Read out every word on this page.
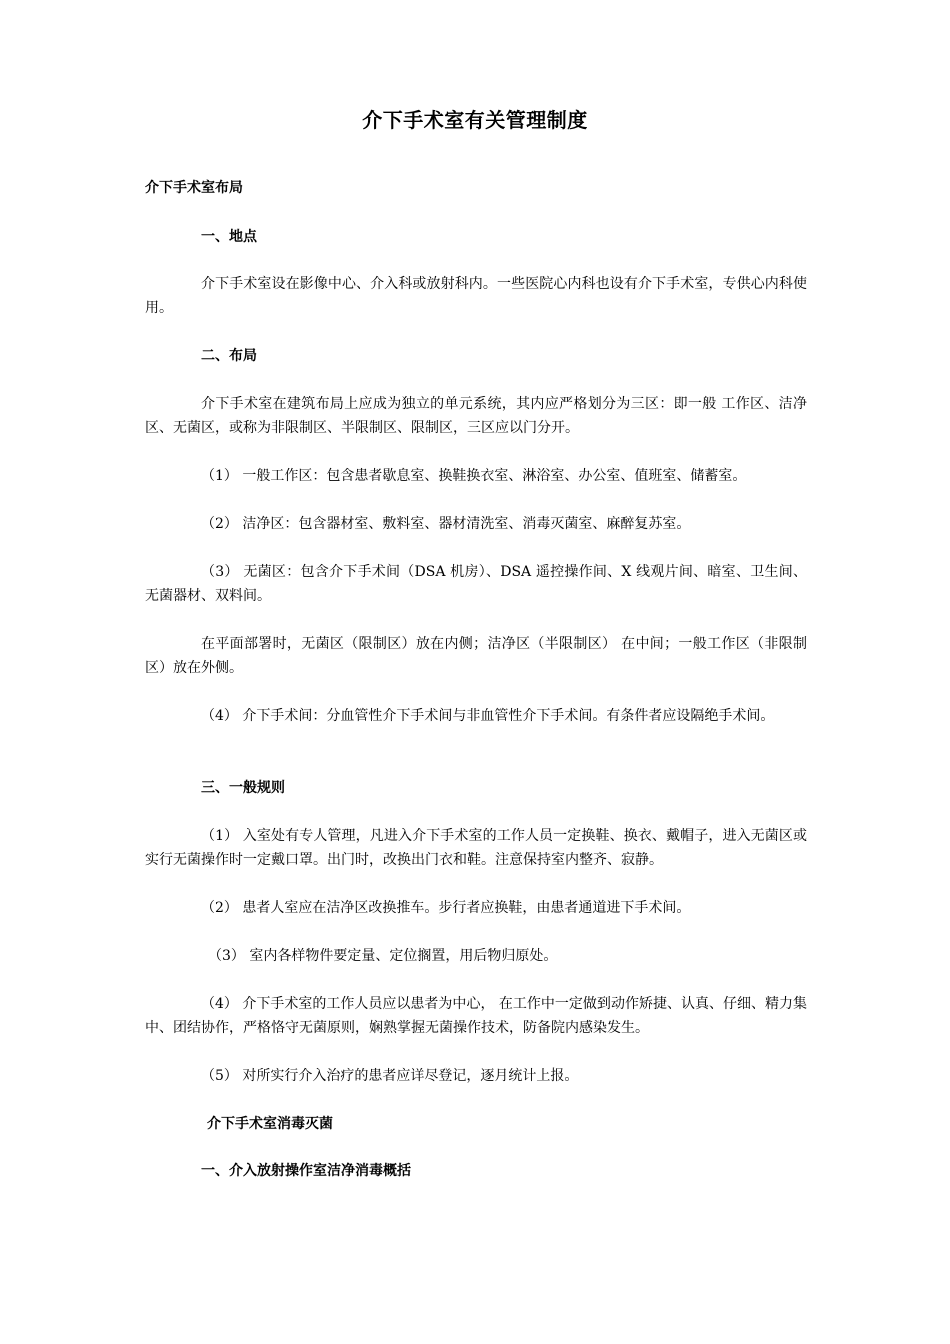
介下手术室有关管理制度
介下手术室布局
一、地点
介下手术室设在影像中心、介入科或放射科内。一些医院心内科也设有介下手术室，专供心内科使用。
二、布局
介下手术室在建筑布局上应成为独立的单元系统，其内应严格划分为三区：即一般 工作区、洁净区、无菌区，或称为非限制区、半限制区、限制区，三区应以门分开。
（1） 一般工作区：包含患者歇息室、换鞋换衣室、淋浴室、办公室、值班室、储蓄室。
（2） 洁净区：包含器材室、敷料室、器材清洗室、消毒灭菌室、麻醉复苏室。
（3） 无菌区：包含介下手术间（DSA 机房）、DSA 遥控操作间、X 线观片间、暗室、卫生间、无菌器材、双料间。
在平面部署时，无菌区（限制区）放在内侧；洁净区（半限制区） 在中间；一般工作区（非限制区）放在外侧。
（4） 介下手术间：分血管性介下手术间与非血管性介下手术间。有条件者应设隔绝手术间。
三、一般规则
（1） 入室处有专人管理，凡进入介下手术室的工作人员一定换鞋、换衣、戴帽子，进入无菌区或实行无菌操作时一定戴口罩。出门时，改换出门衣和鞋。注意保持室内整齐、寂静。
（2） 患者人室应在洁净区改换推车。步行者应换鞋，由患者通道进下手术间。
（3） 室内各样物件要定量、定位搁置，用后物归原处。
（4） 介下手术室的工作人员应以患者为中心， 在工作中一定做到动作矫捷、认真、仔细、精力集中、团结协作，严格恪守无菌原则，娴熟掌握无菌操作技术，防备院内感染发生。
（5） 对所实行介入治疗的患者应详尽登记，逐月统计上报。
介下手术室消毒灭菌
一、介入放射操作室洁净消毒概括
